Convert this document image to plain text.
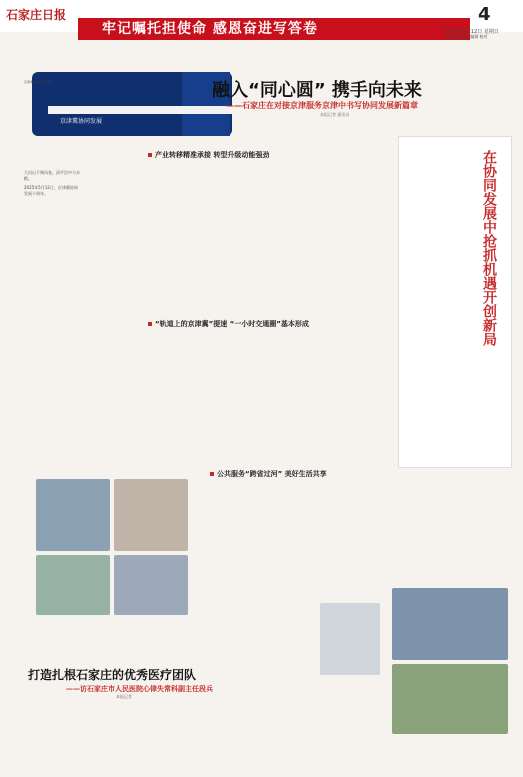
石家庄日报
牢记嘱托担使命 感恩奋进写答卷
4
2024年5月12日 星期日
责任编辑 版式编辑 校对
京津冀协同发展
京津冀协同发展十周年	融入“同心圆” 携手向未来
——石家庄在对接京津服务京津中书写协同发展新篇章
本报记者 通讯员

大河山下聚风卷，清平沽中与水稻。

2025年5月12日，京津冀协同发展十周年。

产业转移精准承接 转型升级动能强劲
“轨道上的京津冀”提速 “一小时交通圈”基本形成
公共服务“跨省过河” 美好生活共享
在协同发展中抢抓机遇开创新局
打造扎根石家庄的优秀医疗团队
——访石家庄市人民医院心律失常科副主任段兵
本报记者
